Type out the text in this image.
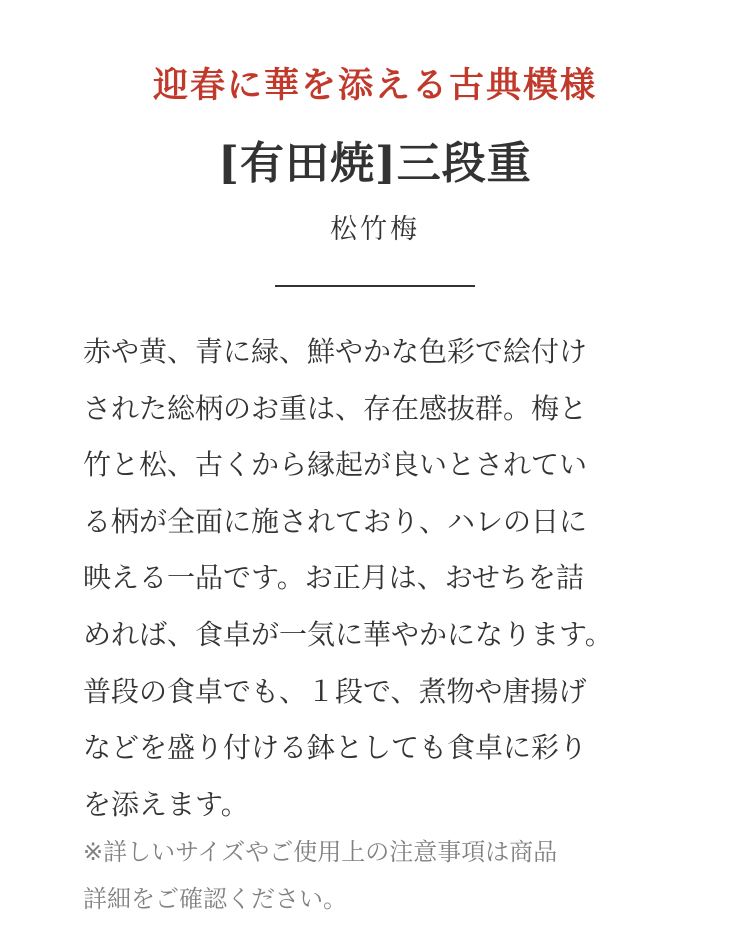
迎春に華を添える古典模様
[有田焼]三段重
松竹梅
赤や黄、青に緑、鮮やかな色彩で絵付け
された総柄のお重は、存在感抜群。梅と
竹と松、古くから縁起が良いとされてい
る柄が全面に施されており、ハレの日に
映える一品です。お正月は、おせちを詰
めれば、食卓が一気に華やかになります。
普段の食卓でも、１段で、煮物や唐揚げ
などを盛り付ける鉢としても食卓に彩り
を添えます。
※詳しいサイズやご使用上の注意事項は商品
詳細をご確認ください。
